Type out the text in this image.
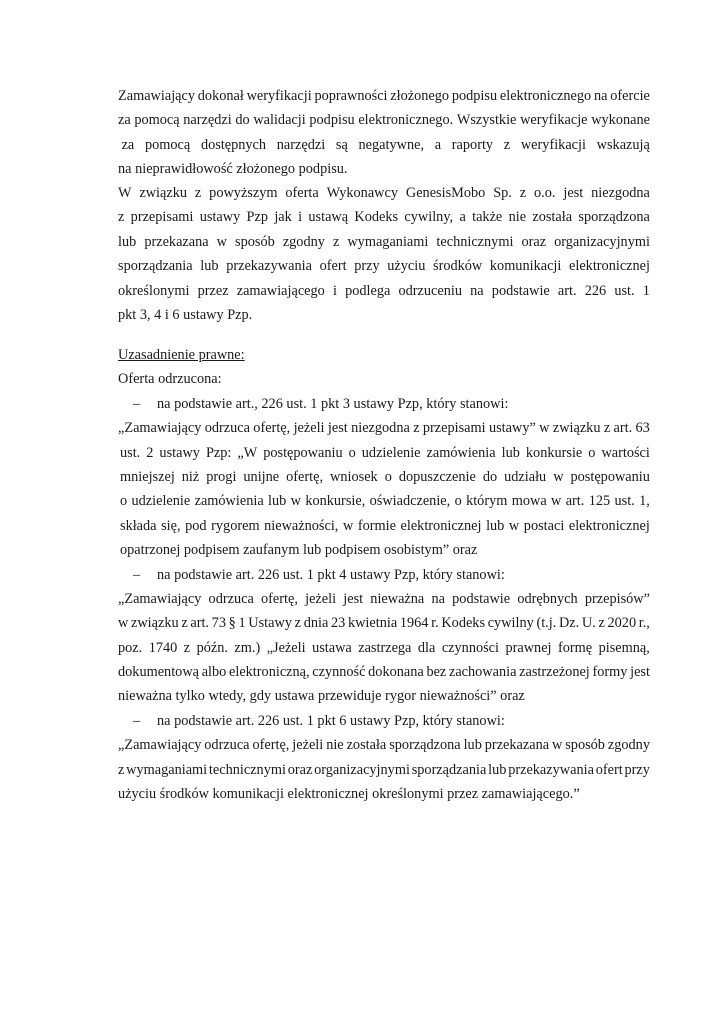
Zamawiający dokonał weryfikacji poprawności złożonego podpisu elektronicznego na ofercie
za pomocą narzędzi do walidacji podpisu elektronicznego. Wszystkie weryfikacje wykonane
za pomocą dostępnych narzędzi są negatywne, a raporty z weryfikacji wskazują
na nieprawidłowość złożonego podpisu.
W związku z powyższym oferta Wykonawcy GenesisMobo Sp. z o.o. jest niezgodna
z przepisami ustawy Pzp jak i ustawą Kodeks cywilny, a także nie została sporządzona
lub przekazana w sposób zgodny z wymaganiami technicznymi oraz organizacyjnymi
sporządzania lub przekazywania ofert przy użyciu środków komunikacji elektronicznej
określonymi przez zamawiającego i podlega odrzuceniu na podstawie art. 226 ust. 1
pkt 3, 4 i 6 ustawy Pzp.
Uzasadnienie prawne:
Oferta odrzucona:
–	na podstawie art., 226 ust. 1 pkt 3 ustawy Pzp, który stanowi:
„Zamawiający odrzuca ofertę, jeżeli jest niezgodna z przepisami ustawy” w związku z art. 63
ust. 2 ustawy Pzp: „W postępowaniu o udzielenie zamówienia lub konkursie o wartości
mniejszej niż progi unijne ofertę, wniosek o dopuszczenie do udziału w postępowaniu
o udzielenie zamówienia lub w konkursie, oświadczenie, o którym mowa w art. 125 ust. 1,
składa się, pod rygorem nieważności, w formie elektronicznej lub w postaci elektronicznej
opatrzonej podpisem zaufanym lub podpisem osobistym” oraz
–	na podstawie art. 226 ust. 1 pkt 4 ustawy Pzp, który stanowi:
„Zamawiający odrzuca ofertę, jeżeli jest nieważna na podstawie odrębnych przepisów”
w związku z art. 73 § 1 Ustawy z dnia 23 kwietnia 1964 r. Kodeks cywilny (t.j. Dz. U. z 2020 r.,
poz. 1740 z późn. zm.) „Jeżeli ustawa zastrzega dla czynności prawnej formę pisemną,
dokumentową albo elektroniczną, czynność dokonana bez zachowania zastrzeżonej formy jest
nieważna tylko wtedy, gdy ustawa przewiduje rygor nieważności” oraz
–	na podstawie art. 226 ust. 1 pkt 6 ustawy Pzp, który stanowi:
„Zamawiający odrzuca ofertę, jeżeli nie została sporządzona lub przekazana w sposób zgodny
z wymaganiami technicznymi oraz organizacyjnymi sporządzania lub przekazywania ofert przy
użyciu środków komunikacji elektronicznej określonymi przez zamawiającego.”
